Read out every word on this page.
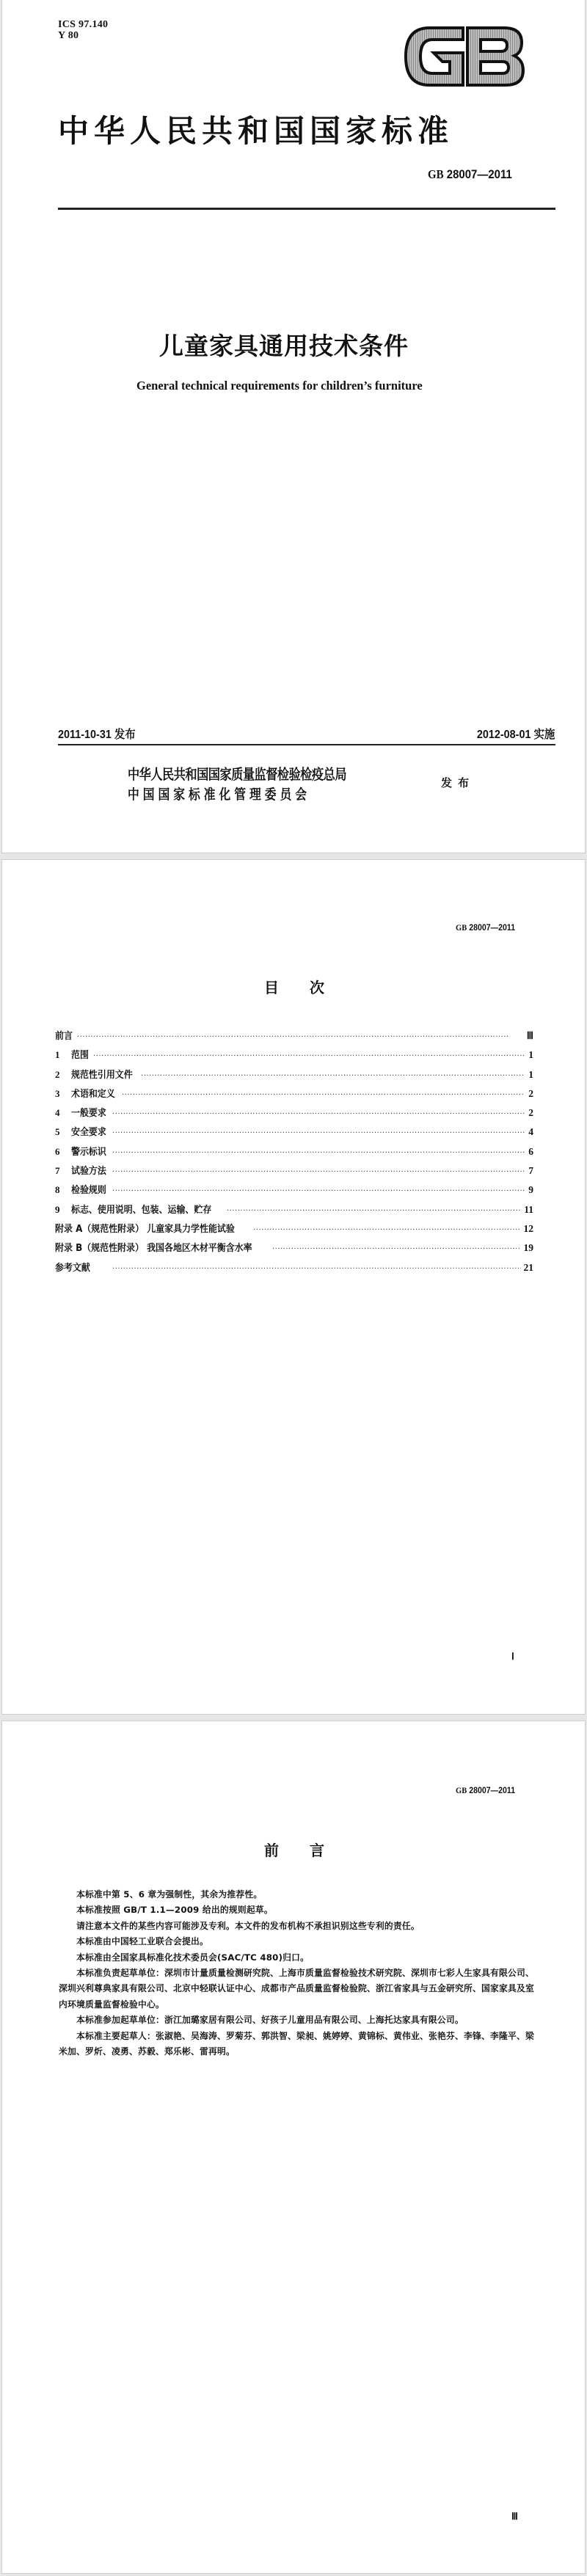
ICS 97.140
Y 80
中华人民共和国国家标准
GB 28007—2011
儿童家具通用技术条件
General technical requirements for children’s furniture
2011-10-31 发布	2012-08-01 实施
中华人民共和国国家质量监督检验检疫总局
中国国家标准化管理委员会
发布
GB 28007—2011
目次
前言 ·····	Ⅲ
1	范围 ·····	1
2	规范性引用文件 ·····	1
3	术语和定义 ·····	2
4	一般要求 ·····	2
5	安全要求 ·····	4
6	警示标识 ·····	6
7	试验方法 ·····	7
8	检验规则 ·····	9
9	标志、使用说明、包装、运输、贮存 ·····	11
附录 A（规范性附录） 儿童家具力学性能试验 ·····	12
附录 B（规范性附录） 我国各地区木材平衡含水率 ·····	19
参考文献 ·····	21
Ⅰ
GB 28007—2011
前言

本标准中第 5、6 章为强制性，其余为推荐性。

本标准按照 GB/T 1.1—2009 给出的规则起草。

请注意本文件的某些内容可能涉及专利。本文件的发布机构不承担识别这些专利的责任。

本标准由中国轻工业联合会提出。

本标准由全国家具标准化技术委员会(SAC/TC 480)归口。

本标准负责起草单位：深圳市计量质量检测研究院、上海市质量监督检验技术研究院、深圳市七彩人生家具有限公司、深圳兴利尊典家具有限公司、北京中轻联认证中心、成都市产品质量监督检验院、浙江省家具与五金研究所、国家家具及室内环境质量监督检验中心。

本标准参加起草单位：浙江加璐家居有限公司、好孩子儿童用品有限公司、上海托达家具有限公司。

本标准主要起草人：张淑艳、吴海涛、罗菊芬、郭洪智、梁昶、姚婷婷、黄锦标、黄伟业、张艳芬、李锋、李隆平、梁米加、罗炘、凌勇、苏毅、郑乐彬、雷再明。

Ⅲ
